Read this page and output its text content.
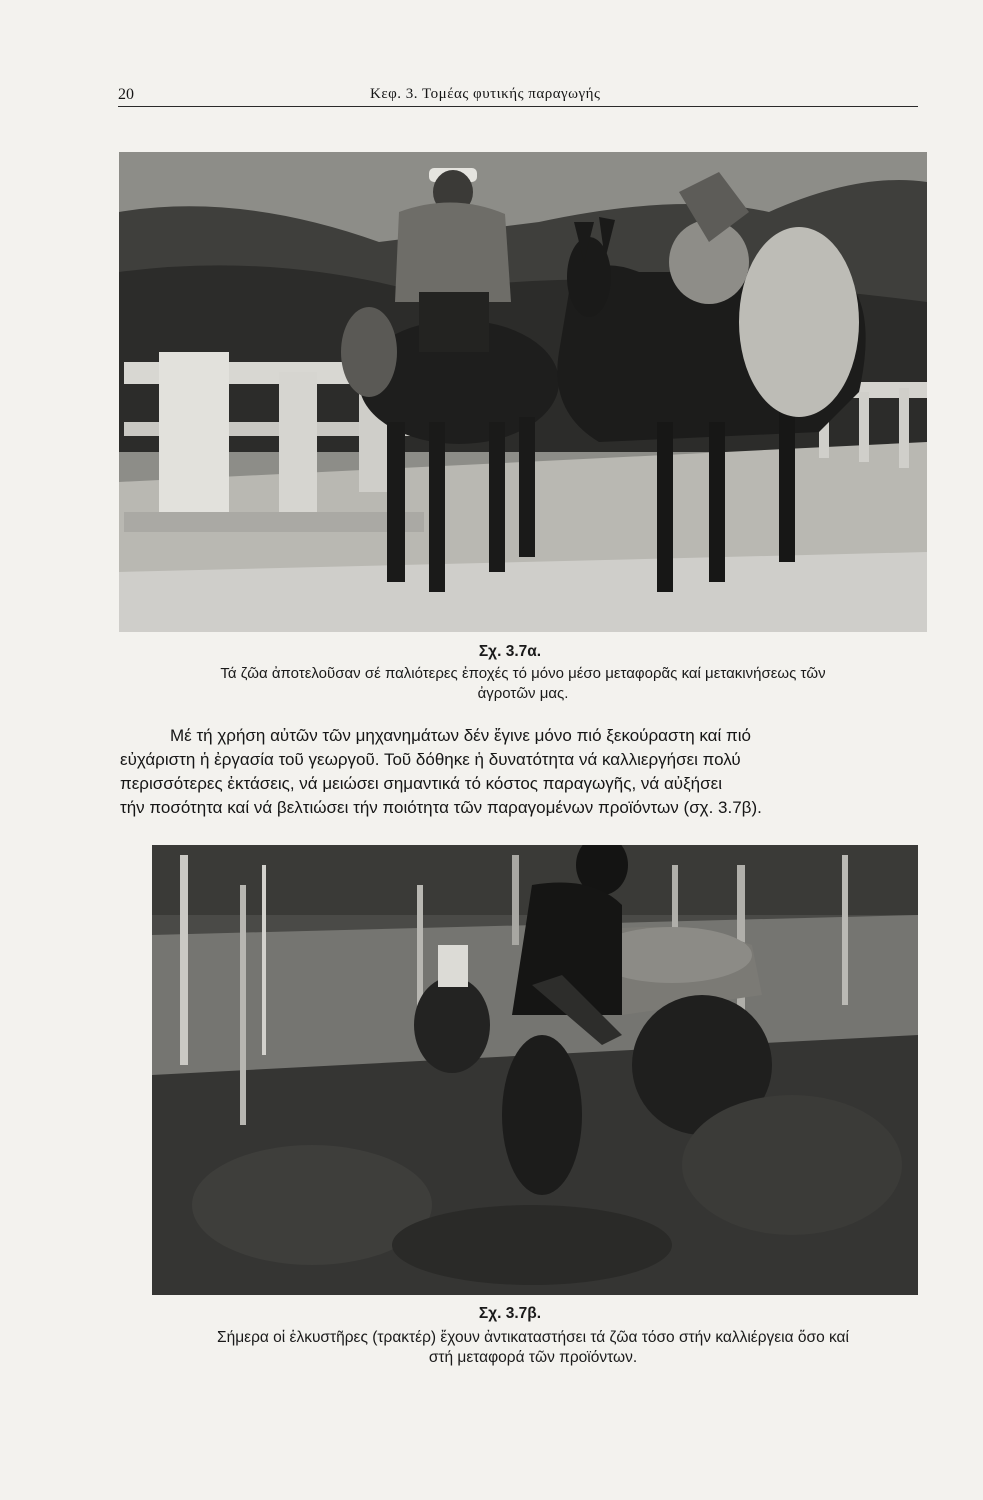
20	Κεφ. 3. Τομέας φυτικής παραγωγής
Σχ. 3.7α.
Τά ζῶα ἀποτελοῦσαν σέ παλιότερες ἐποχές τό μόνο μέσο μεταφορᾶς καί μετακινήσεως τῶν
ἀγροτῶν μας.
Μέ τή χρήση αὐτῶν τῶν μηχανημάτων δέν ἔγινε μόνο πιό ξεκούραστη καί πιό
εὐχάριστη ἡ ἐργασία τοῦ γεωργοῦ. Τοῦ δόθηκε ἡ δυνατότητα νά καλλιεργήσει πολύ
περισσότερες ἐκτάσεις, νά μειώσει σημαντικά τό κόστος παραγωγῆς, νά αὐξήσει
τήν ποσότητα καί νά βελτιώσει τήν ποιότητα τῶν παραγομένων προϊόντων (σχ. 3.7β).
Σχ. 3.7β.
Σήμερα οἱ ἑλκυστῆρες (τρακτέρ) ἔχουν ἀντικαταστήσει τά ζῶα τόσο στήν καλλιέργεια ὅσο καί
στή μεταφορά τῶν προϊόντων.
